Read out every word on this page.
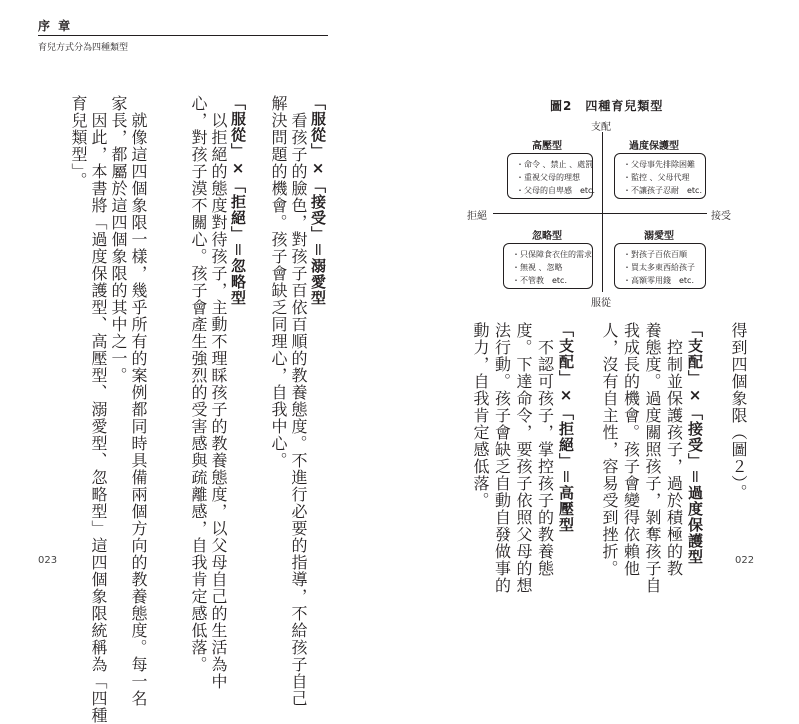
序 章
育兒方式分為四種類型
「服從」×「接受」＝溺愛型
　看孩子的臉色，對孩子百依百順的教養態度。不進行必要的指導，不給孩子自己
解決問題的機會。孩子會缺乏同理心，自我中心。
「服從」×「拒絕」＝忽略型
　以拒絕的態度對待孩子，主動不理睬孩子的教養態度，以父母自己的生活為中
心，對孩子漠不關心。孩子會產生強烈的受害感與疏離感，自我肯定感低落。
　就像這四個象限一樣，幾乎所有的案例都同時具備兩個方向的教養態度。每一名
家長，都屬於這四個象限的其中之一。
　因此，本書將「過度保護型、高壓型、溺愛型、忽略型」這四個象限統稱為「四種
育兒類型」。
得到四個象限（圖２）。
「支配」×「接受」＝過度保護型
　控制並保護孩子，過於積極的教
養態度。過度關照孩子，剝奪孩子自
我成長的機會。孩子會變得依賴他
人，沒有自主性，容易受到挫折。
「支配」×「拒絕」＝高壓型
　不認可孩子，掌控孩子的教養態
度。下達命令，要孩子依照父母的想
法行動。孩子會缺乏自動自發做事的
動力，自我肯定感低落。
圖2　四種育兒類型
支配
服從
拒絕	接受
高壓型
・命令 、禁止 、處罰
・重視父母的理想
・父母的自卑感　etc.
過度保護型
・父母事先排除困難
・監控 、父母代理
・不讓孩子忍耐　etc.
忽略型
・只保障食衣住的需求
・無視 、忽略
・不管教　etc.
溺愛型
・對孩子百依百順
・買太多東西給孩子
・高額零用錢　etc.
023	022
